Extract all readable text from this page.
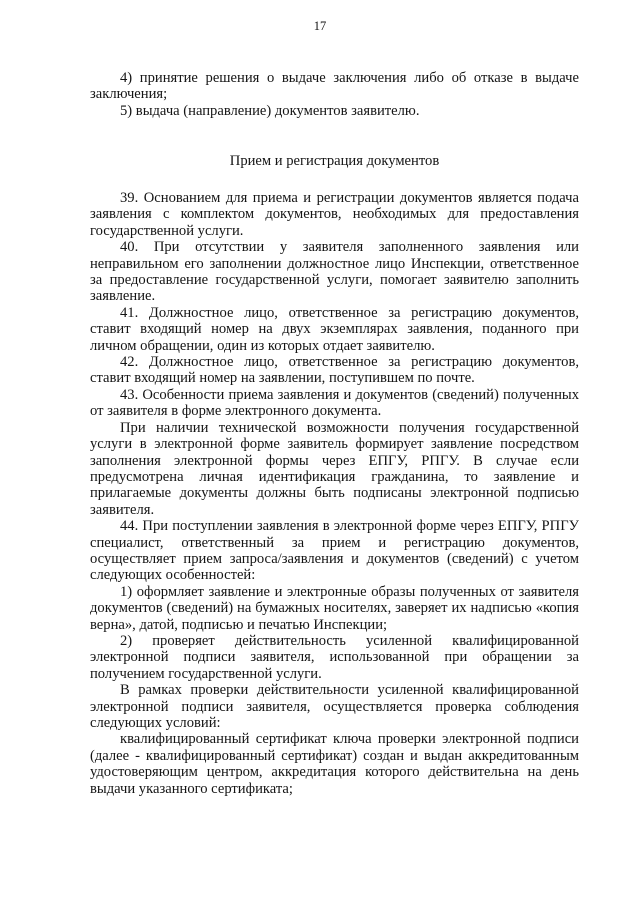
17

4) принятие решения о выдаче заключения либо об отказе в выдаче заключения;

5) выдача (направление) документов заявителю.

Прием и регистрация документов

39. Основанием для приема и регистрации документов является подача заявления с комплектом документов, необходимых для предоставления государственной услуги.

40. При отсутствии у заявителя заполненного заявления или неправильном его заполнении должностное лицо Инспекции, ответственное за предоставление государственной услуги, помогает заявителю заполнить заявление.

41. Должностное лицо, ответственное за регистрацию документов, ставит входящий номер на двух экземплярах заявления, поданного при личном обращении, один из которых отдает заявителю.

42. Должностное лицо, ответственное за регистрацию документов, ставит входящий номер на заявлении, поступившем по почте.

43. Особенности приема заявления и документов (сведений) полученных от заявителя в форме электронного документа.

При наличии технической возможности получения государственной услуги в электронной форме заявитель формирует заявление посредством заполнения электронной формы через ЕПГУ, РПГУ. В случае если предусмотрена личная идентификация гражданина, то заявление и прилагаемые документы должны быть подписаны электронной подписью заявителя.

44. При поступлении заявления в электронной форме через ЕПГУ, РПГУ специалист, ответственный за прием и регистрацию документов, осуществляет прием запроса/заявления и документов (сведений) с учетом следующих особенностей:

1) оформляет заявление и электронные образы полученных от заявителя документов (сведений) на бумажных носителях, заверяет их надписью «копия верна», датой, подписью и печатью Инспекции;

2) проверяет действительность усиленной квалифицированной электронной подписи заявителя, использованной при обращении за получением государственной услуги.

В рамках проверки действительности усиленной квалифицированной электронной подписи заявителя, осуществляется проверка соблюдения следующих условий:

квалифицированный сертификат ключа проверки электронной подписи (далее - квалифицированный сертификат) создан и выдан аккредитованным удостоверяющим центром, аккредитация которого действительна на день выдачи указанного сертификата;
